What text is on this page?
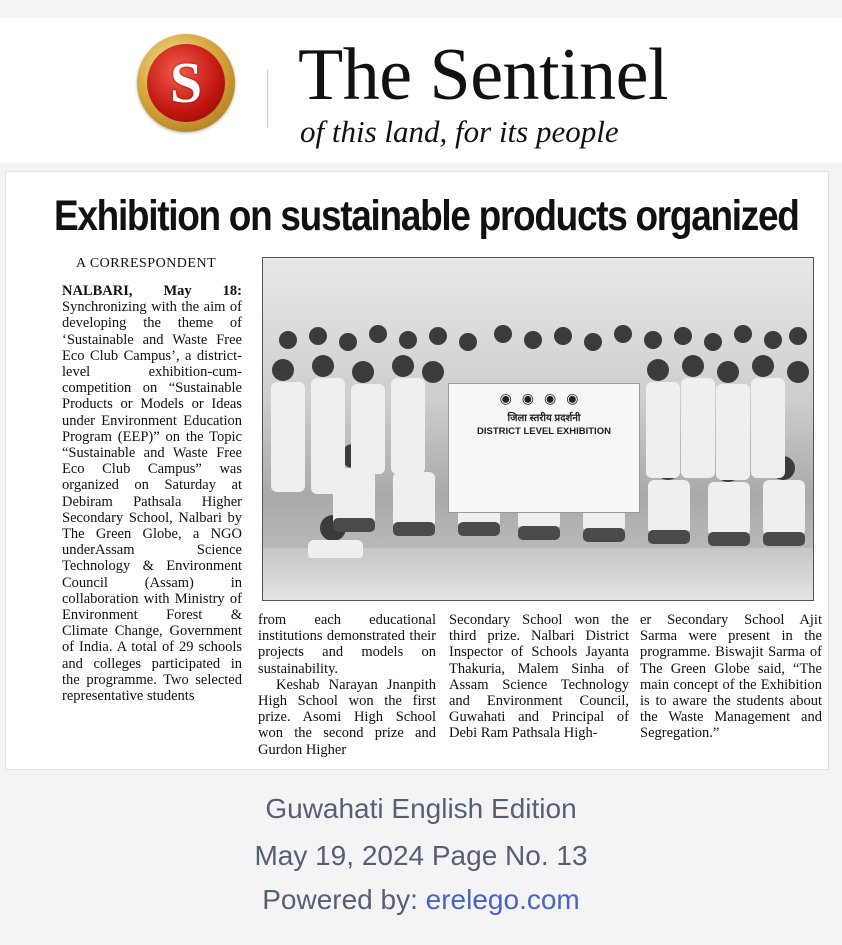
S The Sentinel
of this land, for its people
Exhibition on sustainable products organized
A CORRESPONDENT

NALBARI, May 18: Synchronizing with the aim of developing the theme of ‘Sustainable and Waste Free Eco Club Campus’, a district-level exhibition-cum-competition on “Sustainable Products or Models or Ideas under Environment Education Program (EEP)” on the Topic “Sustainable and Waste Free Eco Club Campus” was organized on Saturday at Debiram Pathsala Higher Secondary School, Nalbari by The Green Globe, a NGO underAssam Science Technology & Environment Council (Assam) in collaboration with Ministry of Environment Forest & Climate Change, Government of India. A total of 29 schools and colleges participated in the programme. Two selected representative students

from each educational institutions demonstrated their projects and models on sustainability.
Keshab Narayan Jnanpith High School won the first prize. Asomi High School won the second prize and Gurdon Higher

Secondary School won the third prize. Nalbari District Inspector of Schools Jayanta Thakuria, Malem Sinha of Assam Science Technology and Environment Council, Guwahati and Principal of Debi Ram Pathsala High-

er Secondary School Ajit Sarma were present in the programme. Biswajit Sarma of The Green Globe said, “The main concept of the Exhibition is to aware the students about the Waste Management and Segregation.”

◉◉◉◉
जिला स्तरीय प्रदर्शनी
DISTRICT LEVEL EXHIBITION
Guwahati English Edition
May 19, 2024 Page No. 13
Powered by: erelego.com
